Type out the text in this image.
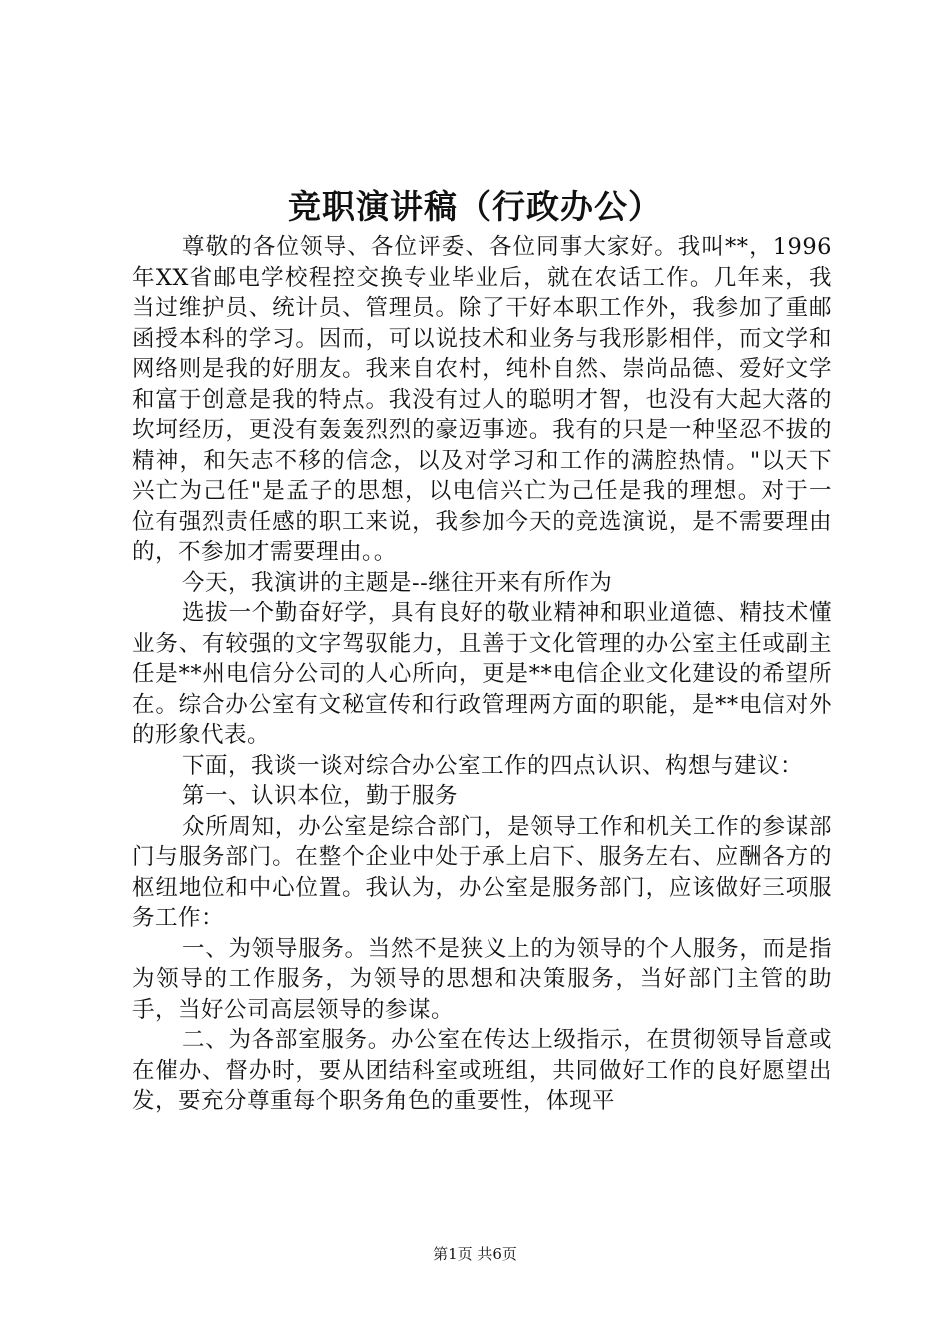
竞职演讲稿（行政办公）

尊敬的各位领导、各位评委、各位同事大家好。我叫**，1996年XX省邮电学校程控交换专业毕业后，就在农话工作。几年来，我当过维护员、统计员、管理员。除了干好本职工作外，我参加了重邮函授本科的学习。因而，可以说技术和业务与我形影相伴，而文学和网络则是我的好朋友。我来自农村，纯朴自然、崇尚品德、爱好文学和富于创意是我的特点。我没有过人的聪明才智，也没有大起大落的坎坷经历，更没有轰轰烈烈的豪迈事迹。我有的只是一种坚忍不拔的精神，和矢志不移的信念，以及对学习和工作的满腔热情。"以天下兴亡为己任"是孟子的思想，以电信兴亡为己任是我的理想。对于一位有强烈责任感的职工来说，我参加今天的竞选演说，是不需要理由的，不参加才需要理由。。

今天，我演讲的主题是--继往开来有所作为

选拔一个勤奋好学，具有良好的敬业精神和职业道德、精技术懂业务、有较强的文字驾驭能力，且善于文化管理的办公室主任或副主任是**州电信分公司的人心所向，更是**电信企业文化建设的希望所在。综合办公室有文秘宣传和行政管理两方面的职能，是**电信对外的形象代表。

下面，我谈一谈对综合办公室工作的四点认识、构想与建议：

第一、认识本位，勤于服务

众所周知，办公室是综合部门，是领导工作和机关工作的参谋部门与服务部门。在整个企业中处于承上启下、服务左右、应酬各方的枢纽地位和中心位置。我认为，办公室是服务部门，应该做好三项服务工作：

一、为领导服务。当然不是狭义上的为领导的个人服务，而是指为领导的工作服务，为领导的思想和决策服务，当好部门主管的助手，当好公司高层领导的参谋。

二、为各部室服务。办公室在传达上级指示，在贯彻领导旨意或在催办、督办时，要从团结科室或班组，共同做好工作的良好愿望出发，要充分尊重每个职务角色的重要性，体现平

第1页 共6页
